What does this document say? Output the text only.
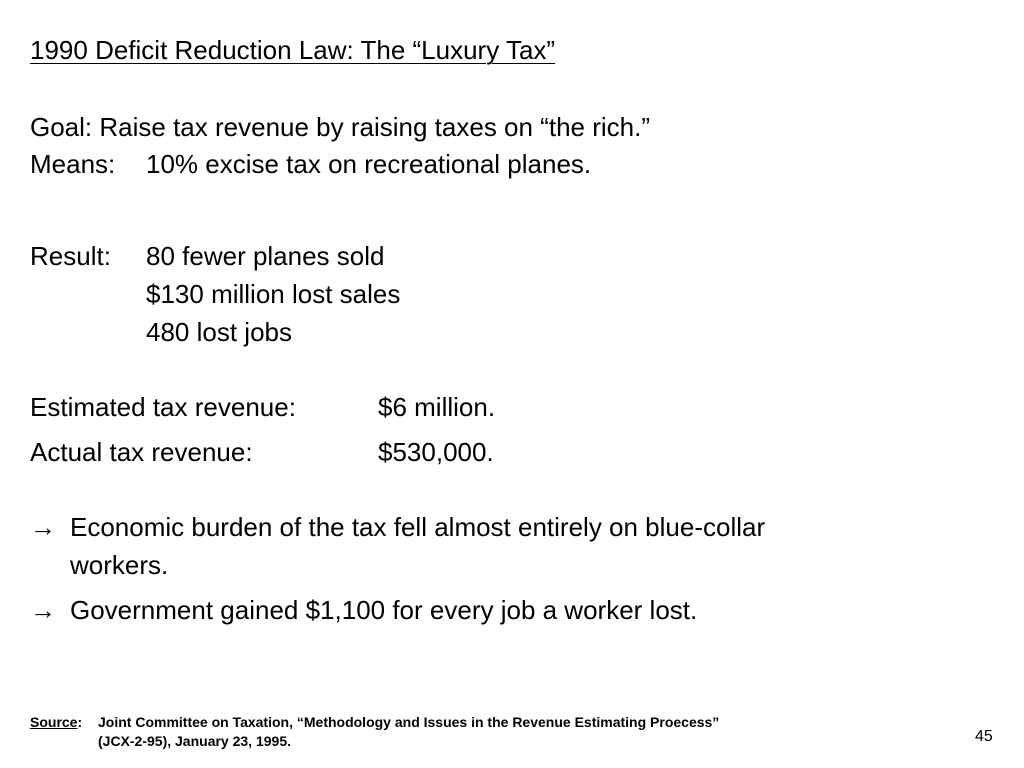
1990 Deficit Reduction Law: The “Luxury Tax”
Goal: Raise tax revenue by raising taxes on “the rich.”
Means: 10% excise tax on recreational planes.
Result: 80 fewer planes sold
$130 million lost sales
480 lost jobs
Estimated tax revenue:	$6 million.
Actual tax revenue:	$530,000.
→ Economic burden of the tax fell almost entirely on blue-collar
workers.
→ Government gained $1,100 for every job a worker lost.
Source: Joint Committee on Taxation, “Methodology and Issues in the Revenue Estimating Proecess”
(JCX-2-95), January 23, 1995.	45
